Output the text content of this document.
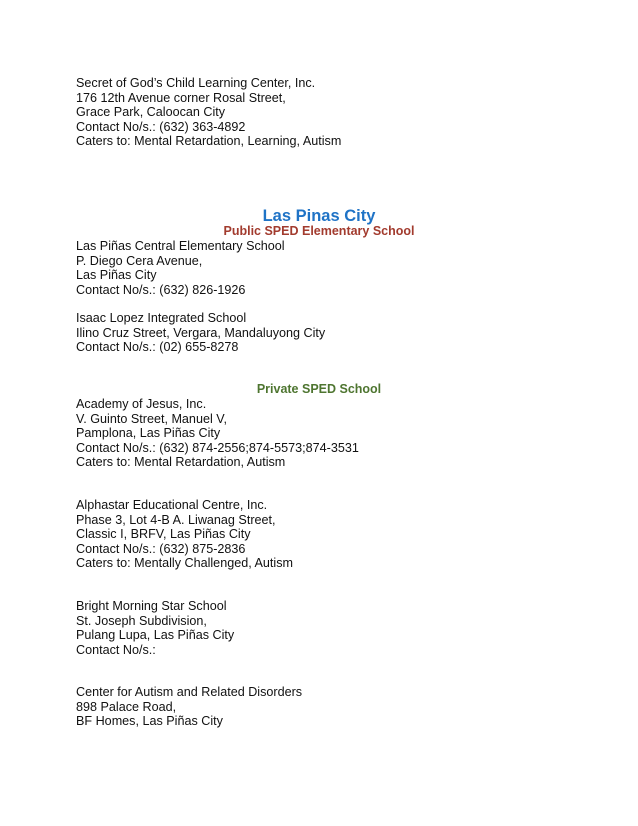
Secret of God’s Child Learning Center, Inc.
176 12th Avenue corner Rosal Street,
Grace Park, Caloocan City
Contact No/s.: (632) 363-4892
Caters to: Mental Retardation, Learning, Autism
Las Pinas City
Public SPED Elementary School
Las Piñas Central Elementary School
P. Diego Cera Avenue,
Las Piñas City
Contact No/s.: (632) 826-1926
Isaac Lopez Integrated School
Ilino Cruz Street, Vergara, Mandaluyong City
Contact No/s.: (02) 655-8278
Private SPED School
Academy of Jesus, Inc.
V. Guinto Street, Manuel V,
Pamplona, Las Piñas City
Contact No/s.: (632) 874-2556;874-5573;874-3531
Caters to: Mental Retardation, Autism
Alphastar Educational Centre, Inc.
Phase 3, Lot 4-B A. Liwanag Street,
Classic I, BRFV, Las Piñas City
Contact No/s.: (632) 875-2836
Caters to: Mentally Challenged, Autism
Bright Morning Star School
St. Joseph Subdivision,
Pulang Lupa, Las Piñas City
Contact No/s.:
Center for Autism and Related Disorders
898 Palace Road,
BF Homes, Las Piñas City
